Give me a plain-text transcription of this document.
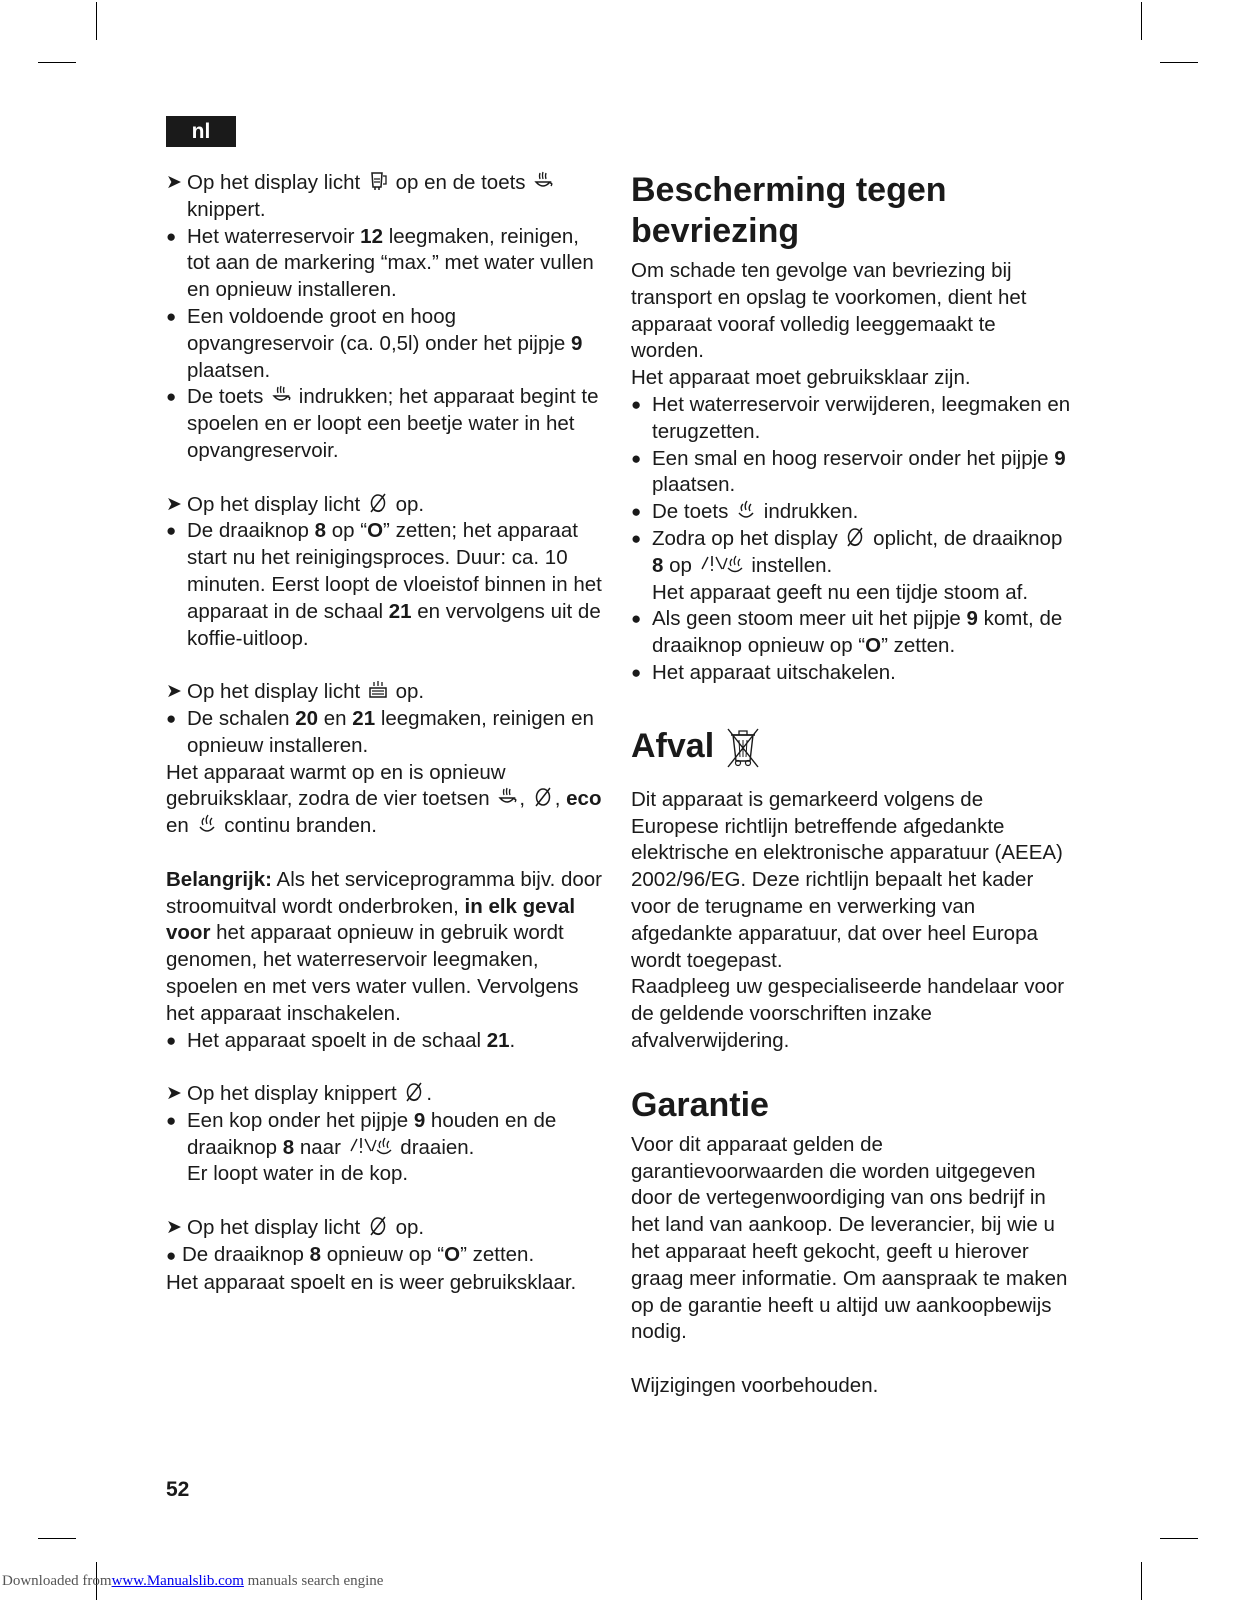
nl
➤ Op het display licht op en de toets
knippert.
● Het waterreservoir 12 leegmaken, reinigen, tot aan de markering “max.” met water vullen en opnieuw installeren.
● Een voldoende groot en hoog opvangreservoir (ca. 0,5l) onder het pijpje 9 plaatsen.
● De toets indrukken; het apparaat begint te spoelen en er loopt een beetje water in het opvangreservoir.
➤ Op het display licht op.
● De draaiknop 8 op “O” zetten; het apparaat start nu het reinigingsproces. Duur: ca. 10 minuten. Eerst loopt de vloeistof binnen in het apparaat in de schaal 21 en vervolgens uit de koffie-uitloop.
➤ Op het display licht op.
● De schalen 20 en 21 leegmaken, reinigen en opnieuw installeren.

Het apparaat warmt op en is opnieuw gebruiksklaar, zodra de vier toetsen , , eco en continu branden.

Belangrijk: Als het serviceprogramma bijv. door stroomuitval wordt onderbroken, in elk geval voor het apparaat opnieuw in gebruik wordt genomen, het waterreservoir leegmaken, spoelen en met vers water vullen. Vervolgens het apparaat inschakelen.

● Het apparaat spoelt in de schaal 21.
➤ Op het display knippert .
● Een kop onder het pijpje 9 houden en de draaiknop 8 naar	draaien.
Er loopt water in de kop.
➤ Op het display licht op.
● De draaiknop 8 opnieuw op “O” zetten.

Het apparaat spoelt en is weer gebruiksklaar.

Bescherming tegen bevriezing

Om schade ten gevolge van bevriezing bij transport en opslag te voorkomen, dient het apparaat vooraf volledig leeggemaakt te worden.

Het apparaat moet gebruiksklaar zijn.

● Het waterreservoir verwijderen, leegmaken en terugzetten.
● Een smal en hoog reservoir onder het pijpje 9 plaatsen.
● De toets indrukken.
● Zodra op het display oplicht, de draaiknop 8 op	instellen.
Het apparaat geeft nu een tijdje stoom af.
● Als geen stoom meer uit het pijpje 9 komt, de draaiknop opnieuw op “O” zetten.
● Het apparaat uitschakelen.
Afval

Dit apparaat is gemarkeerd volgens de Europese richtlijn betreffende afgedankte elektrische en elektronische apparatuur (AEEA) 2002/96/EG. Deze richtlijn bepaalt het kader voor de terugname en verwerking van afgedankte apparatuur, dat over heel Europa wordt toegepast.

Raadpleeg uw gespecialiseerde handelaar voor de geldende voorschriften inzake afvalverwijdering.

Garantie

Voor dit apparaat gelden de garantievoorwaarden die worden uitgegeven door de vertegenwoordiging van ons bedrijf in het land van aankoop. De leverancier, bij wie u het apparaat heeft gekocht, geeft u hierover graag meer informatie. Om aanspraak te maken op de garantie heeft u altijd uw aankoopbewijs nodig.

Wijzigingen voorbehouden.

52
Downloaded fromwww.Manualslib.com manuals search engine
